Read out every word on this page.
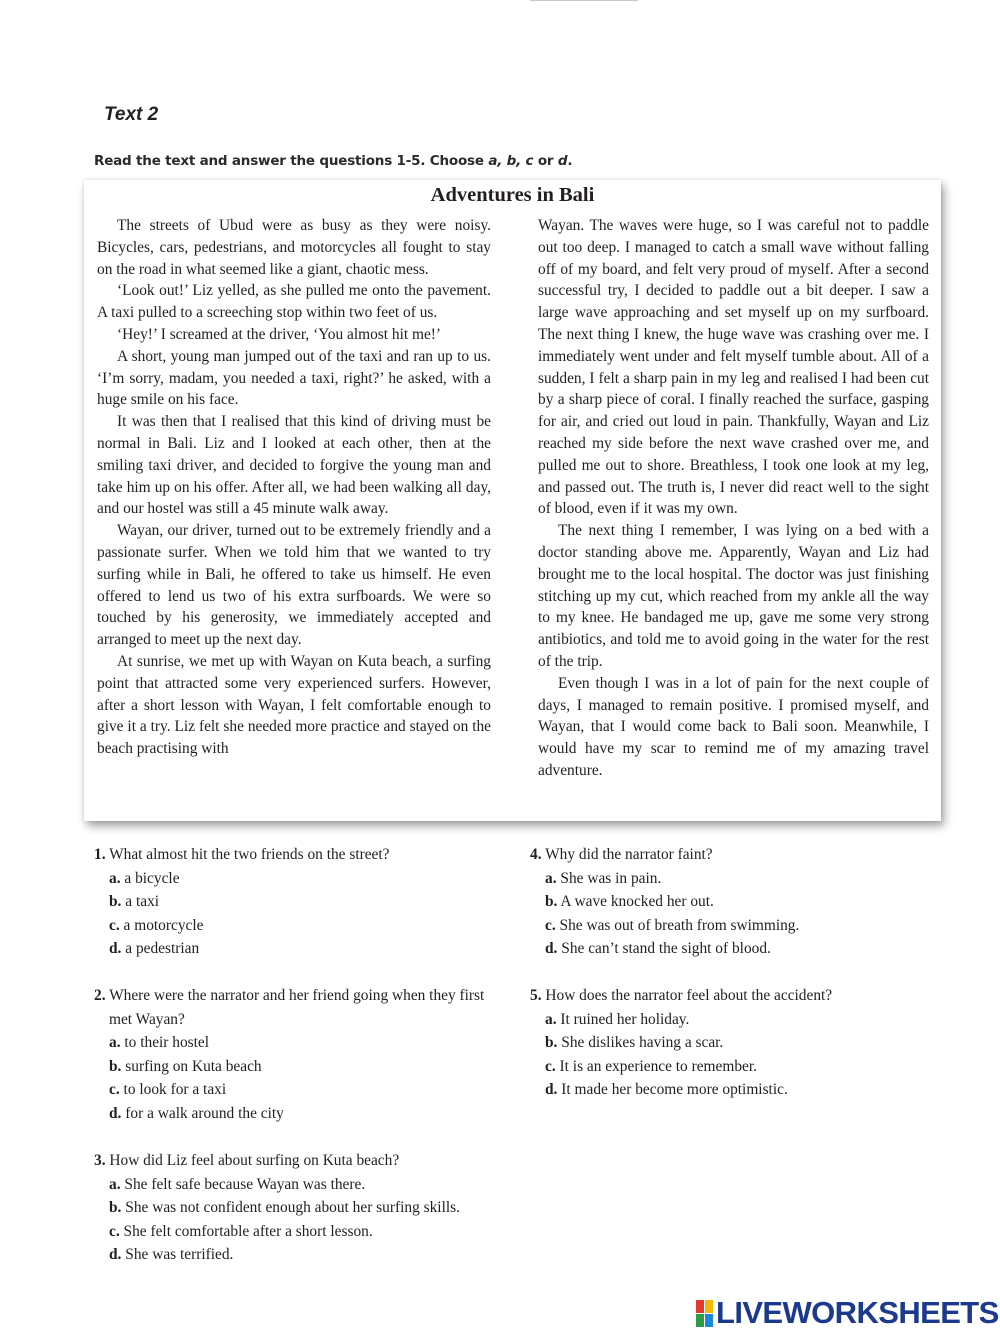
Text 2
Read the text and answer the questions 1-5. Choose a, b, c or d.
Adventures in Bali

The streets of Ubud were as busy as they were noisy. Bicycles, cars, pedestrians, and motorcycles all fought to stay on the road in what seemed like a giant, chaotic mess.

‘Look out!’ Liz yelled, as she pulled me onto the pavement. A taxi pulled to a screeching stop within two feet of us.

‘Hey!’ I screamed at the driver, ‘You almost hit me!’

A short, young man jumped out of the taxi and ran up to us. ‘I’m sorry, madam, you needed a taxi, right?’ he asked, with a huge smile on his face.

It was then that I realised that this kind of driving must be normal in Bali. Liz and I looked at each other, then at the smiling taxi driver, and decided to forgive the young man and take him up on his offer. After all, we had been walking all day, and our hostel was still a 45 minute walk away.

Wayan, our driver, turned out to be extremely friendly and a passionate surfer. When we told him that we wanted to try surfing while in Bali, he offered to take us himself. He even offered to lend us two of his extra surfboards. We were so touched by his generosity, we immediately accepted and arranged to meet up the next day.

At sunrise, we met up with Wayan on Kuta beach, a surfing point that attracted some very experienced surfers. However, after a short lesson with Wayan, I felt comfortable enough to give it a try. Liz felt she needed more practice and stayed on the beach practising with

Wayan. The waves were huge, so I was careful not to paddle out too deep. I managed to catch a small wave without falling off of my board, and felt very proud of myself. After a second successful try, I decided to paddle out a bit deeper. I saw a large wave approaching and set myself up on my surfboard. The next thing I knew, the huge wave was crashing over me. I immediately went under and felt myself tumble about. All of a sudden, I felt a sharp pain in my leg and realised I had been cut by a sharp piece of coral. I finally reached the surface, gasping for air, and cried out loud in pain. Thankfully, Wayan and Liz reached my side before the next wave crashed over me, and pulled me out to shore. Breathless, I took one look at my leg, and passed out. The truth is, I never did react well to the sight of blood, even if it was my own.

The next thing I remember, I was lying on a bed with a doctor standing above me. Apparently, Wayan and Liz had brought me to the local hospital. The doctor was just finishing stitching up my cut, which reached from my ankle all the way to my knee. He bandaged me up, gave me some very strong antibiotics, and told me to avoid going in the water for the rest of the trip.

Even though I was in a lot of pain for the next couple of days, I managed to remain positive. I promised myself, and Wayan, that I would come back to Bali soon. Meanwhile, I would have my scar to remind me of my amazing travel adventure.

1. What almost hit the two friends on the street?
a. a bicycle
b. a taxi
c. a motorcycle
d. a pedestrian
2. Where were the narrator and her friend going when they first met Wayan?
a. to their hostel
b. surfing on Kuta beach
c. to look for a taxi
d. for a walk around the city
3. How did Liz feel about surfing on Kuta beach?
a. She felt safe because Wayan was there.
b. She was not confident enough about her surfing skills.
c. She felt comfortable after a short lesson.
d. She was terrified.
4. Why did the narrator faint?
a. She was in pain.
b. A wave knocked her out.
c. She was out of breath from swimming.
d. She can’t stand the sight of blood.
5. How does the narrator feel about the accident?
a. It ruined her holiday.
b. She dislikes having a scar.
c. It is an experience to remember.
d. It made her become more optimistic.
LIVEWORKSHEETS
